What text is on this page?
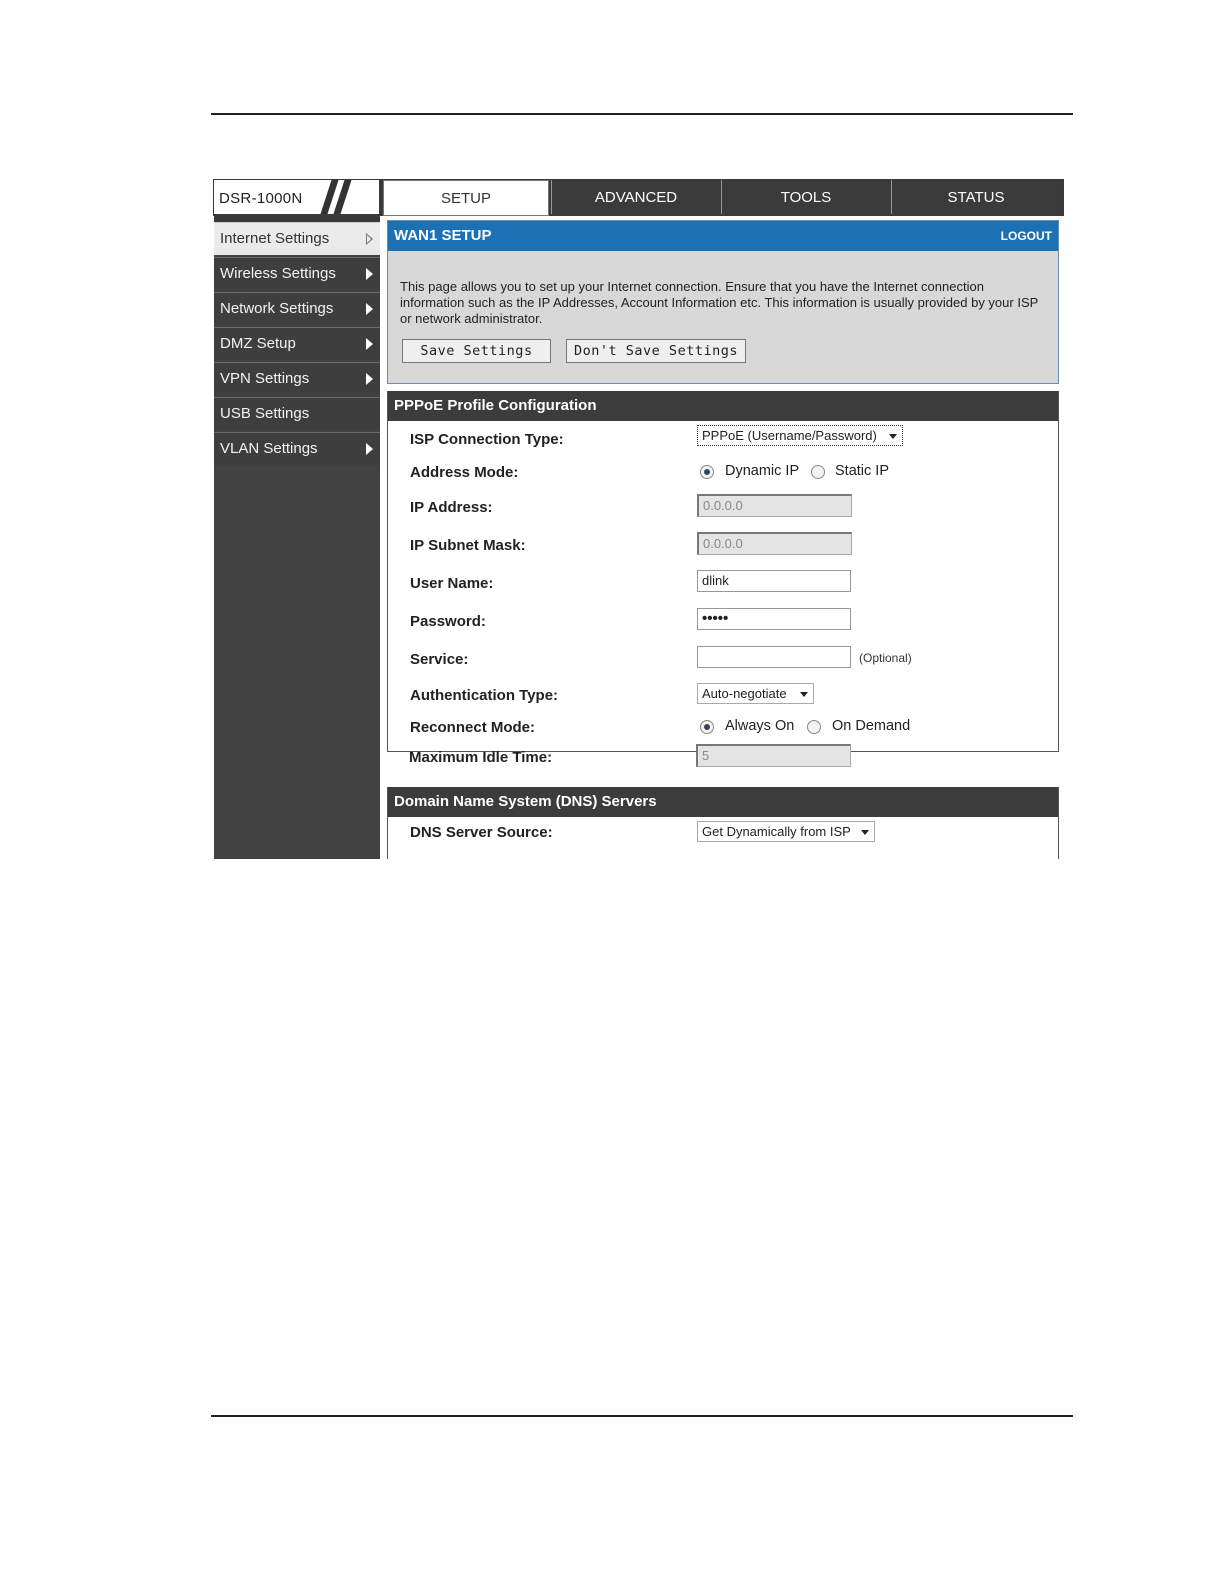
DSR-1000N	SETUP	ADVANCED	TOOLS	STATUS
Internet Settings
Wireless Settings
Network Settings
DMZ Setup
VPN Settings
USB Settings
VLAN Settings
WAN1 SETUP	LOGOUT
This page allows you to set up your Internet connection. Ensure that you have the Internet connection information such as the IP Addresses, Account Information etc. This information is usually provided by your ISP or network administrator.
Save Settings	Don't Save Settings
PPPoE Profile Configuration
ISP Connection Type:	PPPoE (Username/Password)
Address Mode:	Dynamic IP Static IP
IP Address:	0.0.0.0
IP Subnet Mask:	0.0.0.0
User Name:	dlink
Password:	•••••
Service:	(Optional)
Authentication Type:	Auto-negotiate
Reconnect Mode:	Always On	On Demand
Maximum Idle Time:	5
Domain Name System (DNS) Servers
DNS Server Source:	Get Dynamically from ISP
